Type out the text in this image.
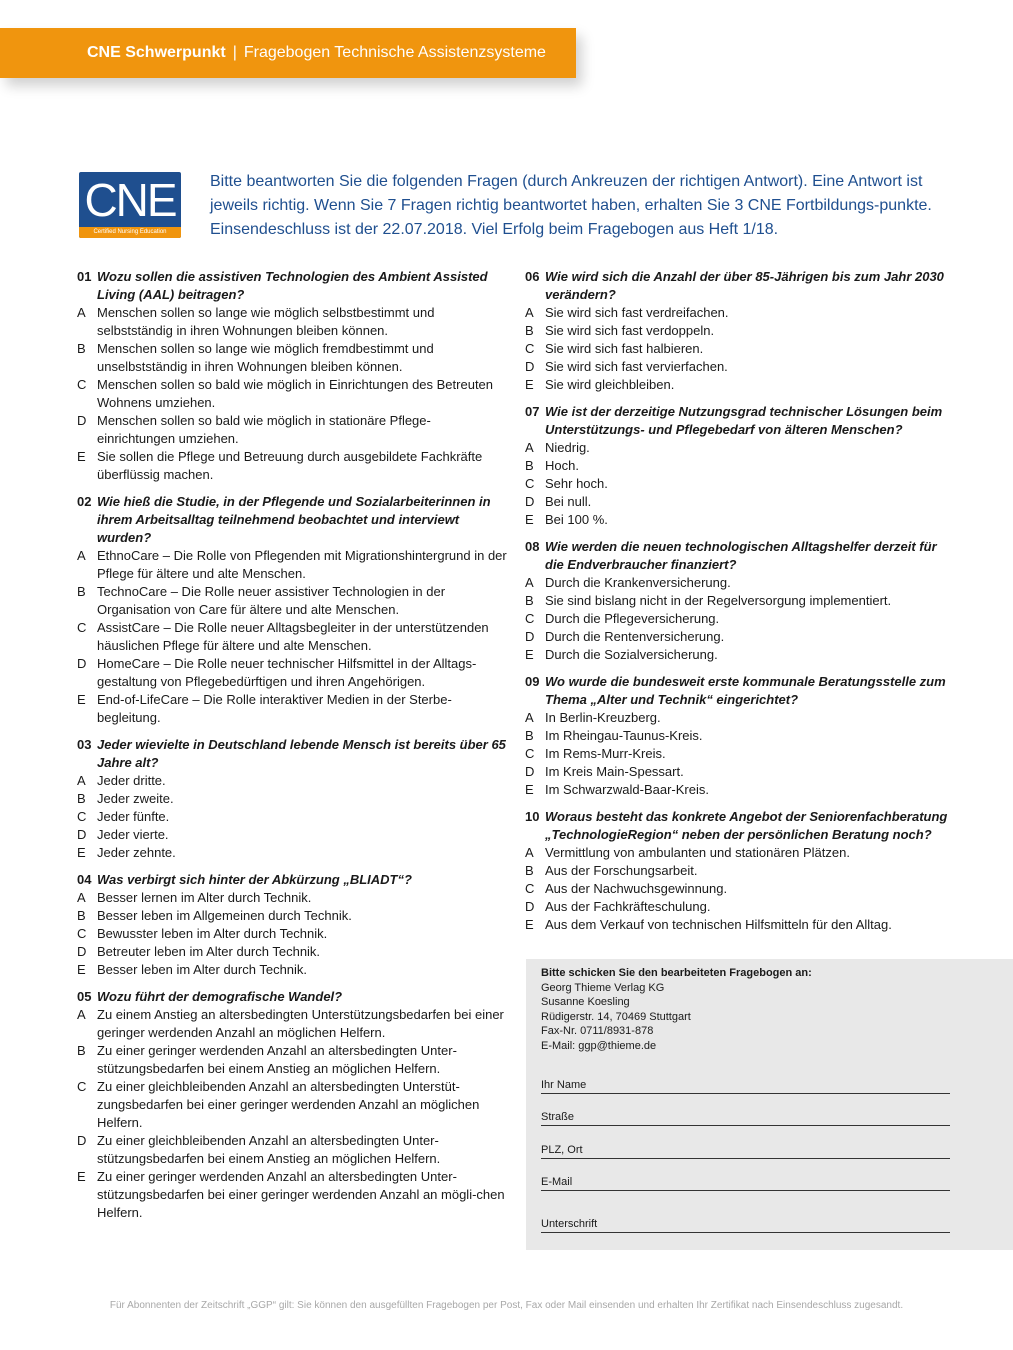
CNE Schwerpunkt | Fragebogen Technische Assistenzsysteme
CNE
Certified Nursing Education
Bitte beantworten Sie die folgenden Fragen (durch Ankreuzen der richtigen Antwort). Eine Antwort ist jeweils richtig. Wenn Sie 7 Fragen richtig beantwortet haben, erhalten Sie 3 CNE Fortbildungs-punkte. Einsendeschluss ist der 22.07.2018. Viel Erfolg beim Fragebogen aus Heft 1/18.
01 Wozu sollen die assistiven Technologien des Ambient Assisted Living (AAL) beitragen?
A Menschen sollen so lange wie möglich selbstbestimmt und selbstständig in ihren Wohnungen bleiben können.
B Menschen sollen so lange wie möglich fremdbestimmt und unselbstständig in ihren Wohnungen bleiben können.
C Menschen sollen so bald wie möglich in Einrichtungen des Betreuten Wohnens umziehen.
D Menschen sollen so bald wie möglich in stationäre Pflege-einrichtungen umziehen.
E Sie sollen die Pflege und Betreuung durch ausgebildete Fachkräfte überflüssig machen.
02 Wie hieß die Studie, in der Pflegende und Sozialarbeiterinnen in ihrem Arbeitsalltag teilnehmend beobachtet und interviewt wurden?
A EthnoCare – Die Rolle von Pflegenden mit Migrationshintergrund in der Pflege für ältere und alte Menschen.
B TechnoCare – Die Rolle neuer assistiver Technologien in der Organisation von Care für ältere und alte Menschen.
C AssistCare – Die Rolle neuer Alltagsbegleiter in der unterstützenden häuslichen Pflege für ältere und alte Menschen.
D HomeCare – Die Rolle neuer technischer Hilfsmittel in der Alltags-gestaltung von Pflegebedürftigen und ihren Angehörigen.
E End-of-LifeCare – Die Rolle interaktiver Medien in der Sterbe-begleitung.
03 Jeder wievielte in Deutschland lebende Mensch ist bereits über 65 Jahre alt?
A Jeder dritte.
B Jeder zweite.
C Jeder fünfte.
D Jeder vierte.
E Jeder zehnte.
04 Was verbirgt sich hinter der Abkürzung „BLIADT“?
A Besser lernen im Alter durch Technik.
B Besser leben im Allgemeinen durch Technik.
C Bewusster leben im Alter durch Technik.
D Betreuter leben im Alter durch Technik.
E Besser leben im Alter durch Technik.
05 Wozu führt der demografische Wandel?
A Zu einem Anstieg an altersbedingten Unterstützungsbedarfen bei einer geringer werdenden Anzahl an möglichen Helfern.
B Zu einer geringer werdenden Anzahl an altersbedingten Unter-stützungsbedarfen bei einem Anstieg an möglichen Helfern.
C Zu einer gleichbleibenden Anzahl an altersbedingten Unterstüt-zungsbedarfen bei einer geringer werdenden Anzahl an möglichen Helfern.
D Zu einer gleichbleibenden Anzahl an altersbedingten Unter-stützungsbedarfen bei einem Anstieg an möglichen Helfern.
E Zu einer geringer werdenden Anzahl an altersbedingten Unter-stützungsbedarfen bei einer geringer werdenden Anzahl an mögli-chen Helfern.
06 Wie wird sich die Anzahl der über 85-Jährigen bis zum Jahr 2030 verändern?
A Sie wird sich fast verdreifachen.
B Sie wird sich fast verdoppeln.
C Sie wird sich fast halbieren.
D Sie wird sich fast vervierfachen.
E Sie wird gleichbleiben.
07 Wie ist der derzeitige Nutzungsgrad technischer Lösungen beim Unterstützungs- und Pflegebedarf von älteren Menschen?
A Niedrig.
B Hoch.
C Sehr hoch.
D Bei null.
E Bei 100 %.
08 Wie werden die neuen technologischen Alltagshelfer derzeit für die Endverbraucher finanziert?
A Durch die Krankenversicherung.
B Sie sind bislang nicht in der Regelversorgung implementiert.
C Durch die Pflegeversicherung.
D Durch die Rentenversicherung.
E Durch die Sozialversicherung.
09 Wo wurde die bundesweit erste kommunale Beratungsstelle zum Thema „Alter und Technik“ eingerichtet?
A In Berlin-Kreuzberg.
B Im Rheingau-Taunus-Kreis.
C Im Rems-Murr-Kreis.
D Im Kreis Main-Spessart.
E Im Schwarzwald-Baar-Kreis.
10 Woraus besteht das konkrete Angebot der Seniorenfachberatung „TechnologieRegion“ neben der persönlichen Beratung noch?
A Vermittlung von ambulanten und stationären Plätzen.
B Aus der Forschungsarbeit.
C Aus der Nachwuchsgewinnung.
D Aus der Fachkräfteschulung.
E Aus dem Verkauf von technischen Hilfsmitteln für den Alltag.
Bitte schicken Sie den bearbeiteten Fragebogen an:
Georg Thieme Verlag KG
Susanne Koesling
Rüdigerstr. 14, 70469 Stuttgart
Fax-Nr. 0711/8931-878
E-Mail: ggp@thieme.de
Ihr Name
Straße
PLZ, Ort
E-Mail
Unterschrift
Für Abonnenten der Zeitschrift „GGP“ gilt: Sie können den ausgefüllten Fragebogen per Post, Fax oder Mail einsenden und erhalten Ihr Zertifikat nach Einsendeschluss zugesandt.
